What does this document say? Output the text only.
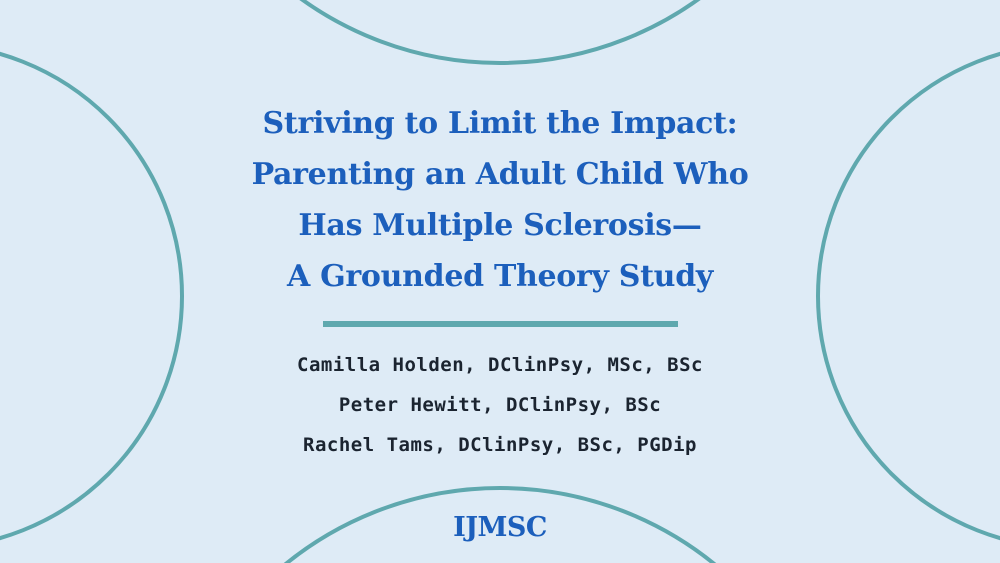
Striving to Limit the Impact:
Parenting an Adult Child Who
Has Multiple Sclerosis—
A Grounded Theory Study
Camilla Holden, DClinPsy, MSc, BSc
Peter Hewitt, DClinPsy, BSc
Rachel Tams, DClinPsy, BSc, PGDip
IJMSC
